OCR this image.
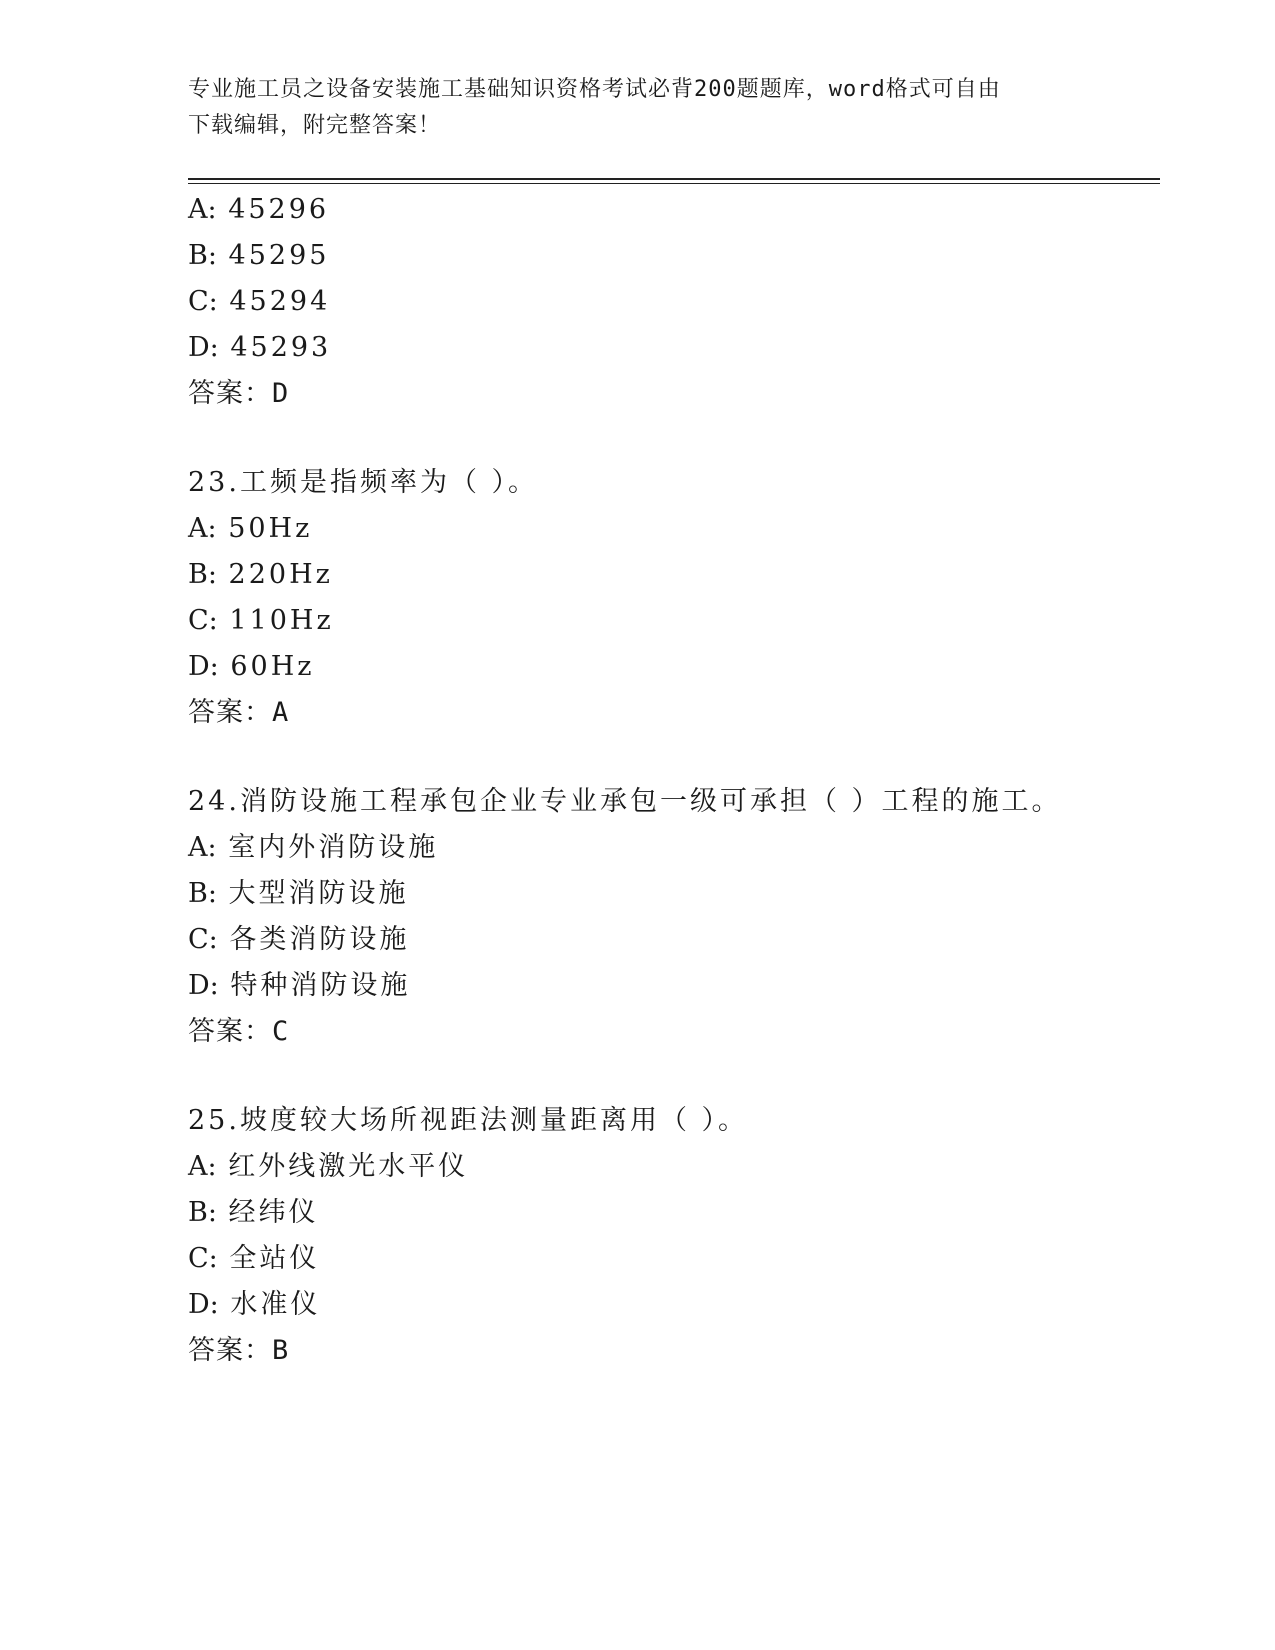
专业施工员之设备安装施工基础知识资格考试必背200题题库，word格式可自由
下载编辑，附完整答案！
A: 45296
B: 45295
C: 45294
D: 45293
答案：D
23.工频是指频率为（ ）。
A: 50Hz
B: 220Hz
C: 110Hz
D: 60Hz
答案：A
24.消防设施工程承包企业专业承包一级可承担（ ）工程的施工。
A: 室内外消防设施
B: 大型消防设施
C: 各类消防设施
D: 特种消防设施
答案：C
25.坡度较大场所视距法测量距离用（ ）。
A: 红外线激光水平仪
B: 经纬仪
C: 全站仪
D: 水准仪
答案：B
